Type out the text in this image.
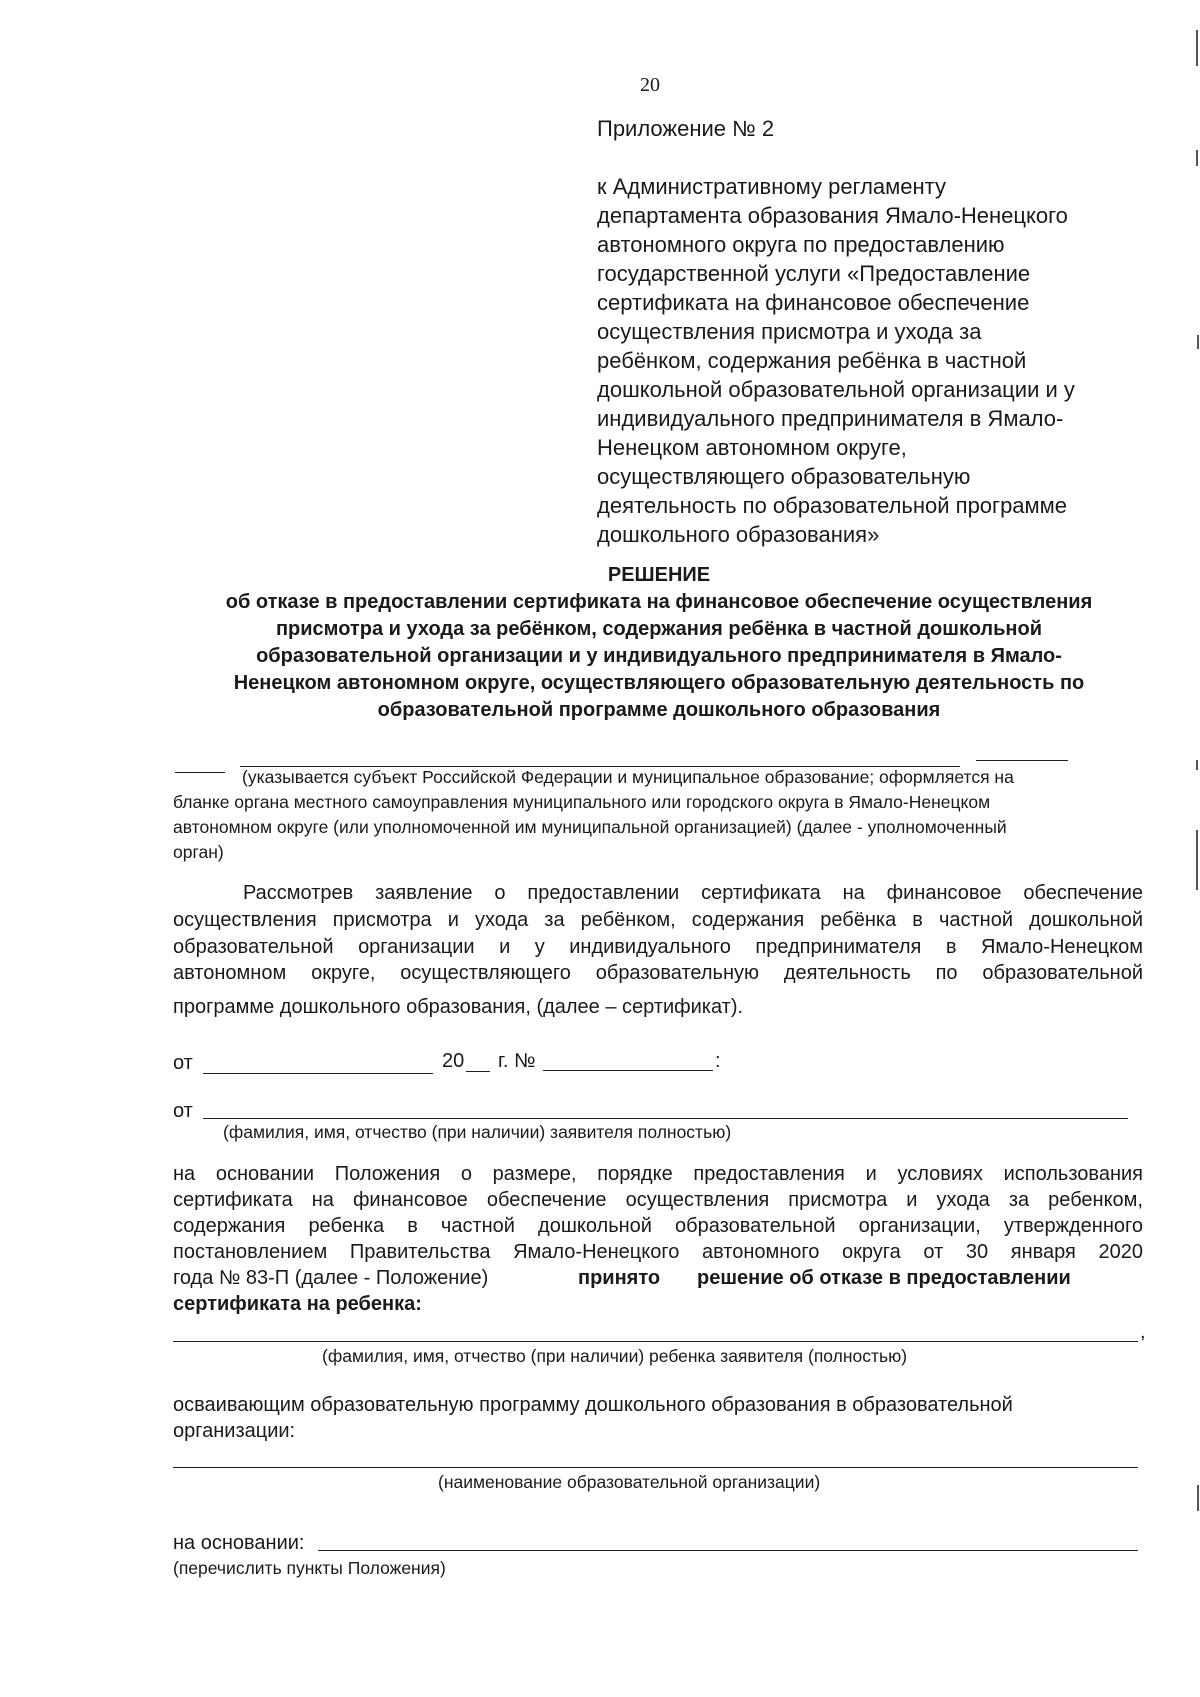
20
Приложение № 2
к Административному регламенту
департамента образования Ямало-Ненецкого
автономного округа по предоставлению
государственной услуги «Предоставление
сертификата на финансовое обеспечение
осуществления присмотра и ухода за
ребёнком, содержания ребёнка в частной
дошкольной образовательной организации и у
индивидуального предпринимателя в Ямало-
Ненецком автономном округе,
осуществляющего образовательную
деятельность по образовательной программе
дошкольного образования»
РЕШЕНИЕ
об отказе в предоставлении сертификата на финансовое обеспечение осуществления
присмотра и ухода за ребёнком, содержания ребёнка в частной дошкольной
образовательной организации и у индивидуального предпринимателя в Ямало-
Ненецком автономном округе, осуществляющего образовательную деятельность по
образовательной программе дошкольного образования
(указывается субъект Российской Федерации и муниципальное образование; оформляется на
бланке органа местного самоуправления муниципального или городского округа в Ямало-Ненецком
автономном округе (или уполномоченной им муниципальной организацией) (далее - уполномоченный
орган)
Рассмотрев заявление о предоставлении сертификата на финансовое обеспечение
осуществления присмотра и ухода за ребёнком, содержания ребёнка в частной дошкольной
образовательной организации и у индивидуального предпринимателя в Ямало-Ненецком
автономном округе, осуществляющего образовательную деятельность по образовательной
программе дошкольного образования, (далее – сертификат).
от	20 г. №	:
от
(фамилия, имя, отчество (при наличии) заявителя полностью)
на основании Положения о размере, порядке предоставления и условиях использования
сертификата на финансовое обеспечение осуществления присмотра и ухода за ребенком,
содержания ребенка в частной дошкольной образовательной организации, утвержденного
постановлением Правительства Ямало-Ненецкого автономного округа от 30 января 2020
года № 83-П (далее - Положение)	принято решение об отказе в предоставлении
сертификата на ребенка:
,
(фамилия, имя, отчество (при наличии) ребенка заявителя (полностью)
осваивающим образовательную программу дошкольного образования в образовательной
организации:
(наименование образовательной организации)
на основании:
(перечислить пункты Положения)
